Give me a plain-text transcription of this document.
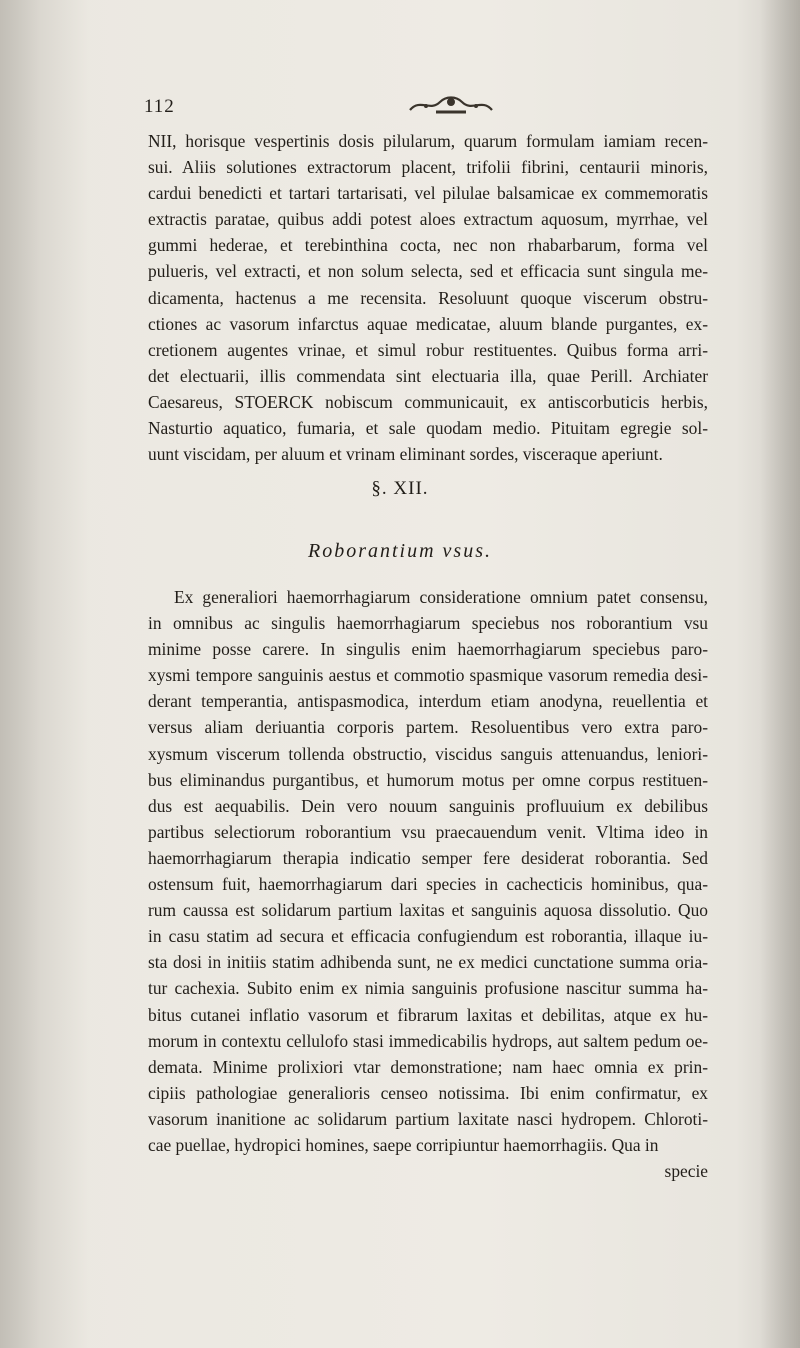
112
NII, horisque vespertinis dosis pilularum, quarum formulam iamiam recen-
sui. Aliis solutiones extractorum placent, trifolii fibrini, centaurii minoris,
cardui benedicti et tartari tartarisati, vel pilulae balsamicae ex commemoratis
extractis paratae, quibus addi potest aloes extractum aquosum, myrrhae, vel
gummi hederae, et terebinthina cocta, nec non rhabarbarum, forma vel
pulueris, vel extracti, et non solum selecta, sed et efficacia sunt singula me-
dicamenta, hactenus a me recensita. Resoluunt quoque viscerum obstru-
ctiones ac vasorum infarctus aquae medicatae, aluum blande purgantes, ex-
cretionem augentes vrinae, et simul robur restituentes. Quibus forma arri-
det electuarii, illis commendata sint electuaria illa, quae Perill. Archiater
Caesareus, STOERCK nobiscum communicauit, ex antiscorbuticis herbis,
Nasturtio aquatico, fumaria, et sale quodam medio. Pituitam egregie sol-
uunt viscidam, per aluum et vrinam eliminant sordes, visceraque aperiunt.
§. XII.
Roborantium vsus.
Ex generaliori haemorrhagiarum consideratione omnium patet consensu,
in omnibus ac singulis haemorrhagiarum speciebus nos roborantium vsu
minime posse carere. In singulis enim haemorrhagiarum speciebus paro-
xysmi tempore sanguinis aestus et commotio spasmique vasorum remedia desi-
derant temperantia, antispasmodica, interdum etiam anodyna, reuellentia et
versus aliam deriuantia corporis partem. Resoluentibus vero extra paro-
xysmum viscerum tollenda obstructio, viscidus sanguis attenuandus, leniori-
bus eliminandus purgantibus, et humorum motus per omne corpus restituen-
dus est aequabilis. Dein vero nouum sanguinis profluuium ex debilibus
partibus selectiorum roborantium vsu praecauendum venit. Vltima ideo in
haemorrhagiarum therapia indicatio semper fere desiderat roborantia. Sed
ostensum fuit, haemorrhagiarum dari species in cachecticis hominibus, qua-
rum caussa est solidarum partium laxitas et sanguinis aquosa dissolutio. Quo
in casu statim ad secura et efficacia confugiendum est roborantia, illaque iu-
sta dosi in initiis statim adhibenda sunt, ne ex medici cunctatione summa oria-
tur cachexia. Subito enim ex nimia sanguinis profusione nascitur summa ha-
bitus cutanei inflatio vasorum et fibrarum laxitas et debilitas, atque ex hu-
morum in contextu cellulofo stasi immedicabilis hydrops, aut saltem pedum oe-
demata. Minime prolixiori vtar demonstratione; nam haec omnia ex prin-
cipiis pathologiae generalioris censeo notissima. Ibi enim confirmatur, ex
vasorum inanitione ac solidarum partium laxitate nasci hydropem. Chloroti-
cae puellae, hydropici homines, saepe corripiuntur haemorrhagiis. Qua in
specie
